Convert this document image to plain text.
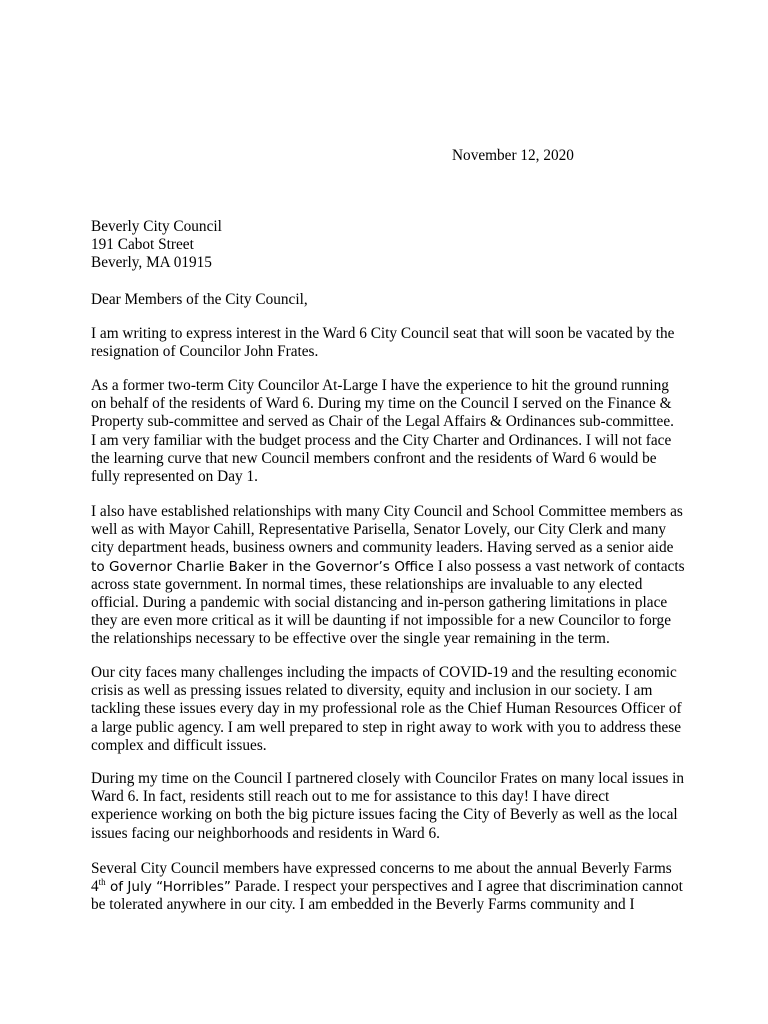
November 12, 2020
Beverly City Council
191 Cabot Street
Beverly, MA 01915
Dear Members of the City Council,
I am writing to express interest in the Ward 6 City Council seat that will soon be vacated by the
resignation of Councilor John Frates.
As a former two-term City Councilor At-Large I have the experience to hit the ground running
on behalf of the residents of Ward 6. During my time on the Council I served on the Finance &
Property sub-committee and served as Chair of the Legal Affairs & Ordinances sub-committee.
I am very familiar with the budget process and the City Charter and Ordinances. I will not face
the learning curve that new Council members confront and the residents of Ward 6 would be
fully represented on Day 1.
I also have established relationships with many City Council and School Committee members as
well as with Mayor Cahill, Representative Parisella, Senator Lovely, our City Clerk and many
city department heads, business owners and community leaders. Having served as a senior aide
to Governor Charlie Baker in the Governor’s Office I also possess a vast network of contacts
across state government. In normal times, these relationships are invaluable to any elected
official. During a pandemic with social distancing and in-person gathering limitations in place
they are even more critical as it will be daunting if not impossible for a new Councilor to forge
the relationships necessary to be effective over the single year remaining in the term.
Our city faces many challenges including the impacts of COVID-19 and the resulting economic
crisis as well as pressing issues related to diversity, equity and inclusion in our society. I am
tackling these issues every day in my professional role as the Chief Human Resources Officer of
a large public agency. I am well prepared to step in right away to work with you to address these
complex and difficult issues.
During my time on the Council I partnered closely with Councilor Frates on many local issues in
Ward 6. In fact, residents still reach out to me for assistance to this day! I have direct
experience working on both the big picture issues facing the City of Beverly as well as the local
issues facing our neighborhoods and residents in Ward 6.
Several City Council members have expressed concerns to me about the annual Beverly Farms
4th of July “Horribles” Parade. I respect your perspectives and I agree that discrimination cannot
be tolerated anywhere in our city. I am embedded in the Beverly Farms community and I
